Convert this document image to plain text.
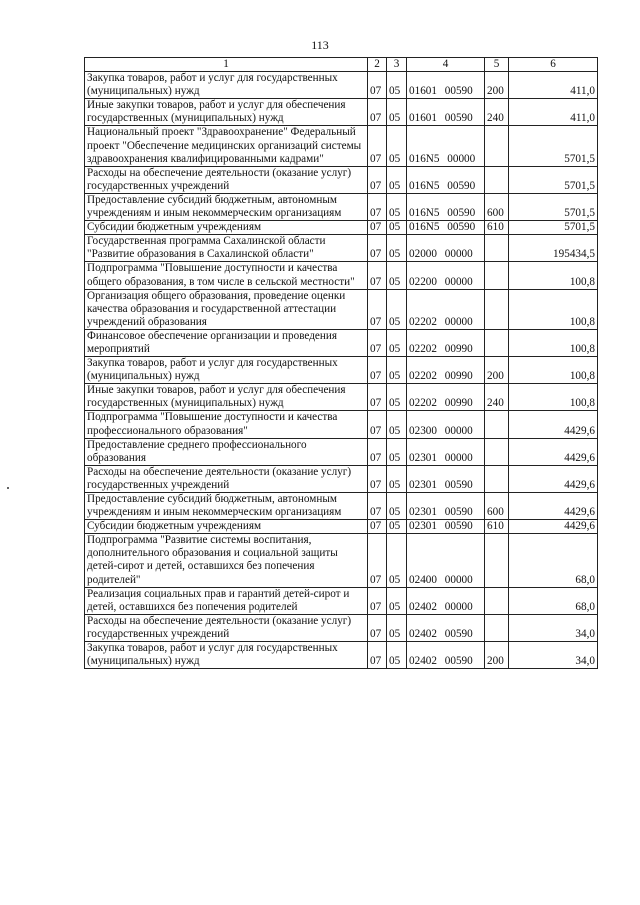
113
1	2	3	4	5	6
Закупка товаров, работ и услуг для государственных (муниципальных) нужд	07	05	01601 00590	200	411,0
Иные закупки товаров, работ и услуг для обеспечения государственных (муниципальных) нужд	07	05	01601 00590	240	411,0
Национальный проект "Здравоохранение" Федеральный проект "Обеспечение медицинских организаций системы здравоохранения квалифицированными кадрами"	07	05	016N5 00000		5701,5
Расходы на обеспечение деятельности (оказание услуг) государственных учреждений	07	05	016N5 00590		5701,5
Предоставление субсидий бюджетным, автономным учреждениям и иным некоммерческим организациям	07	05	016N5 00590	600	5701,5
Субсидии бюджетным учреждениям	07	05	016N5 00590	610	5701,5
Государственная программа Сахалинской области "Развитие образования в Сахалинской области"	07	05	02000 00000		195434,5
Подпрограмма "Повышение доступности и качества общего образования, в том числе в сельской местности"	07	05	02200 00000		100,8
Организация общего образования, проведение оценки качества образования и государственной аттестации учреждений образования	07	05	02202 00000		100,8
Финансовое обеспечение организации и проведения мероприятий	07	05	02202 00990		100,8
Закупка товаров, работ и услуг для государственных (муниципальных) нужд	07	05	02202 00990	200	100,8
Иные закупки товаров, работ и услуг для обеспечения государственных (муниципальных) нужд	07	05	02202 00990	240	100,8
Подпрограмма "Повышение доступности и качества профессионального образования"	07	05	02300 00000		4429,6
Предоставление среднего профессионального образования	07	05	02301 00000		4429,6
Расходы на обеспечение деятельности (оказание услуг) государственных учреждений	07	05	02301 00590		4429,6
Предоставление субсидий бюджетным, автономным учреждениям и иным некоммерческим организациям	07	05	02301 00590	600	4429,6
Субсидии бюджетным учреждениям	07	05	02301 00590	610	4429,6
Подпрограмма "Развитие системы воспитания, дополнительного образования и социальной защиты детей-сирот и детей, оставшихся без попечения родителей"	07	05	02400 00000		68,0
Реализация социальных прав и гарантий детей-сирот и детей, оставшихся без попечения родителей	07	05	02402 00000		68,0
Расходы на обеспечение деятельности (оказание услуг) государственных учреждений	07	05	02402 00590		34,0
Закупка товаров, работ и услуг для государственных (муниципальных) нужд	07	05	02402 00590	200	34,0
